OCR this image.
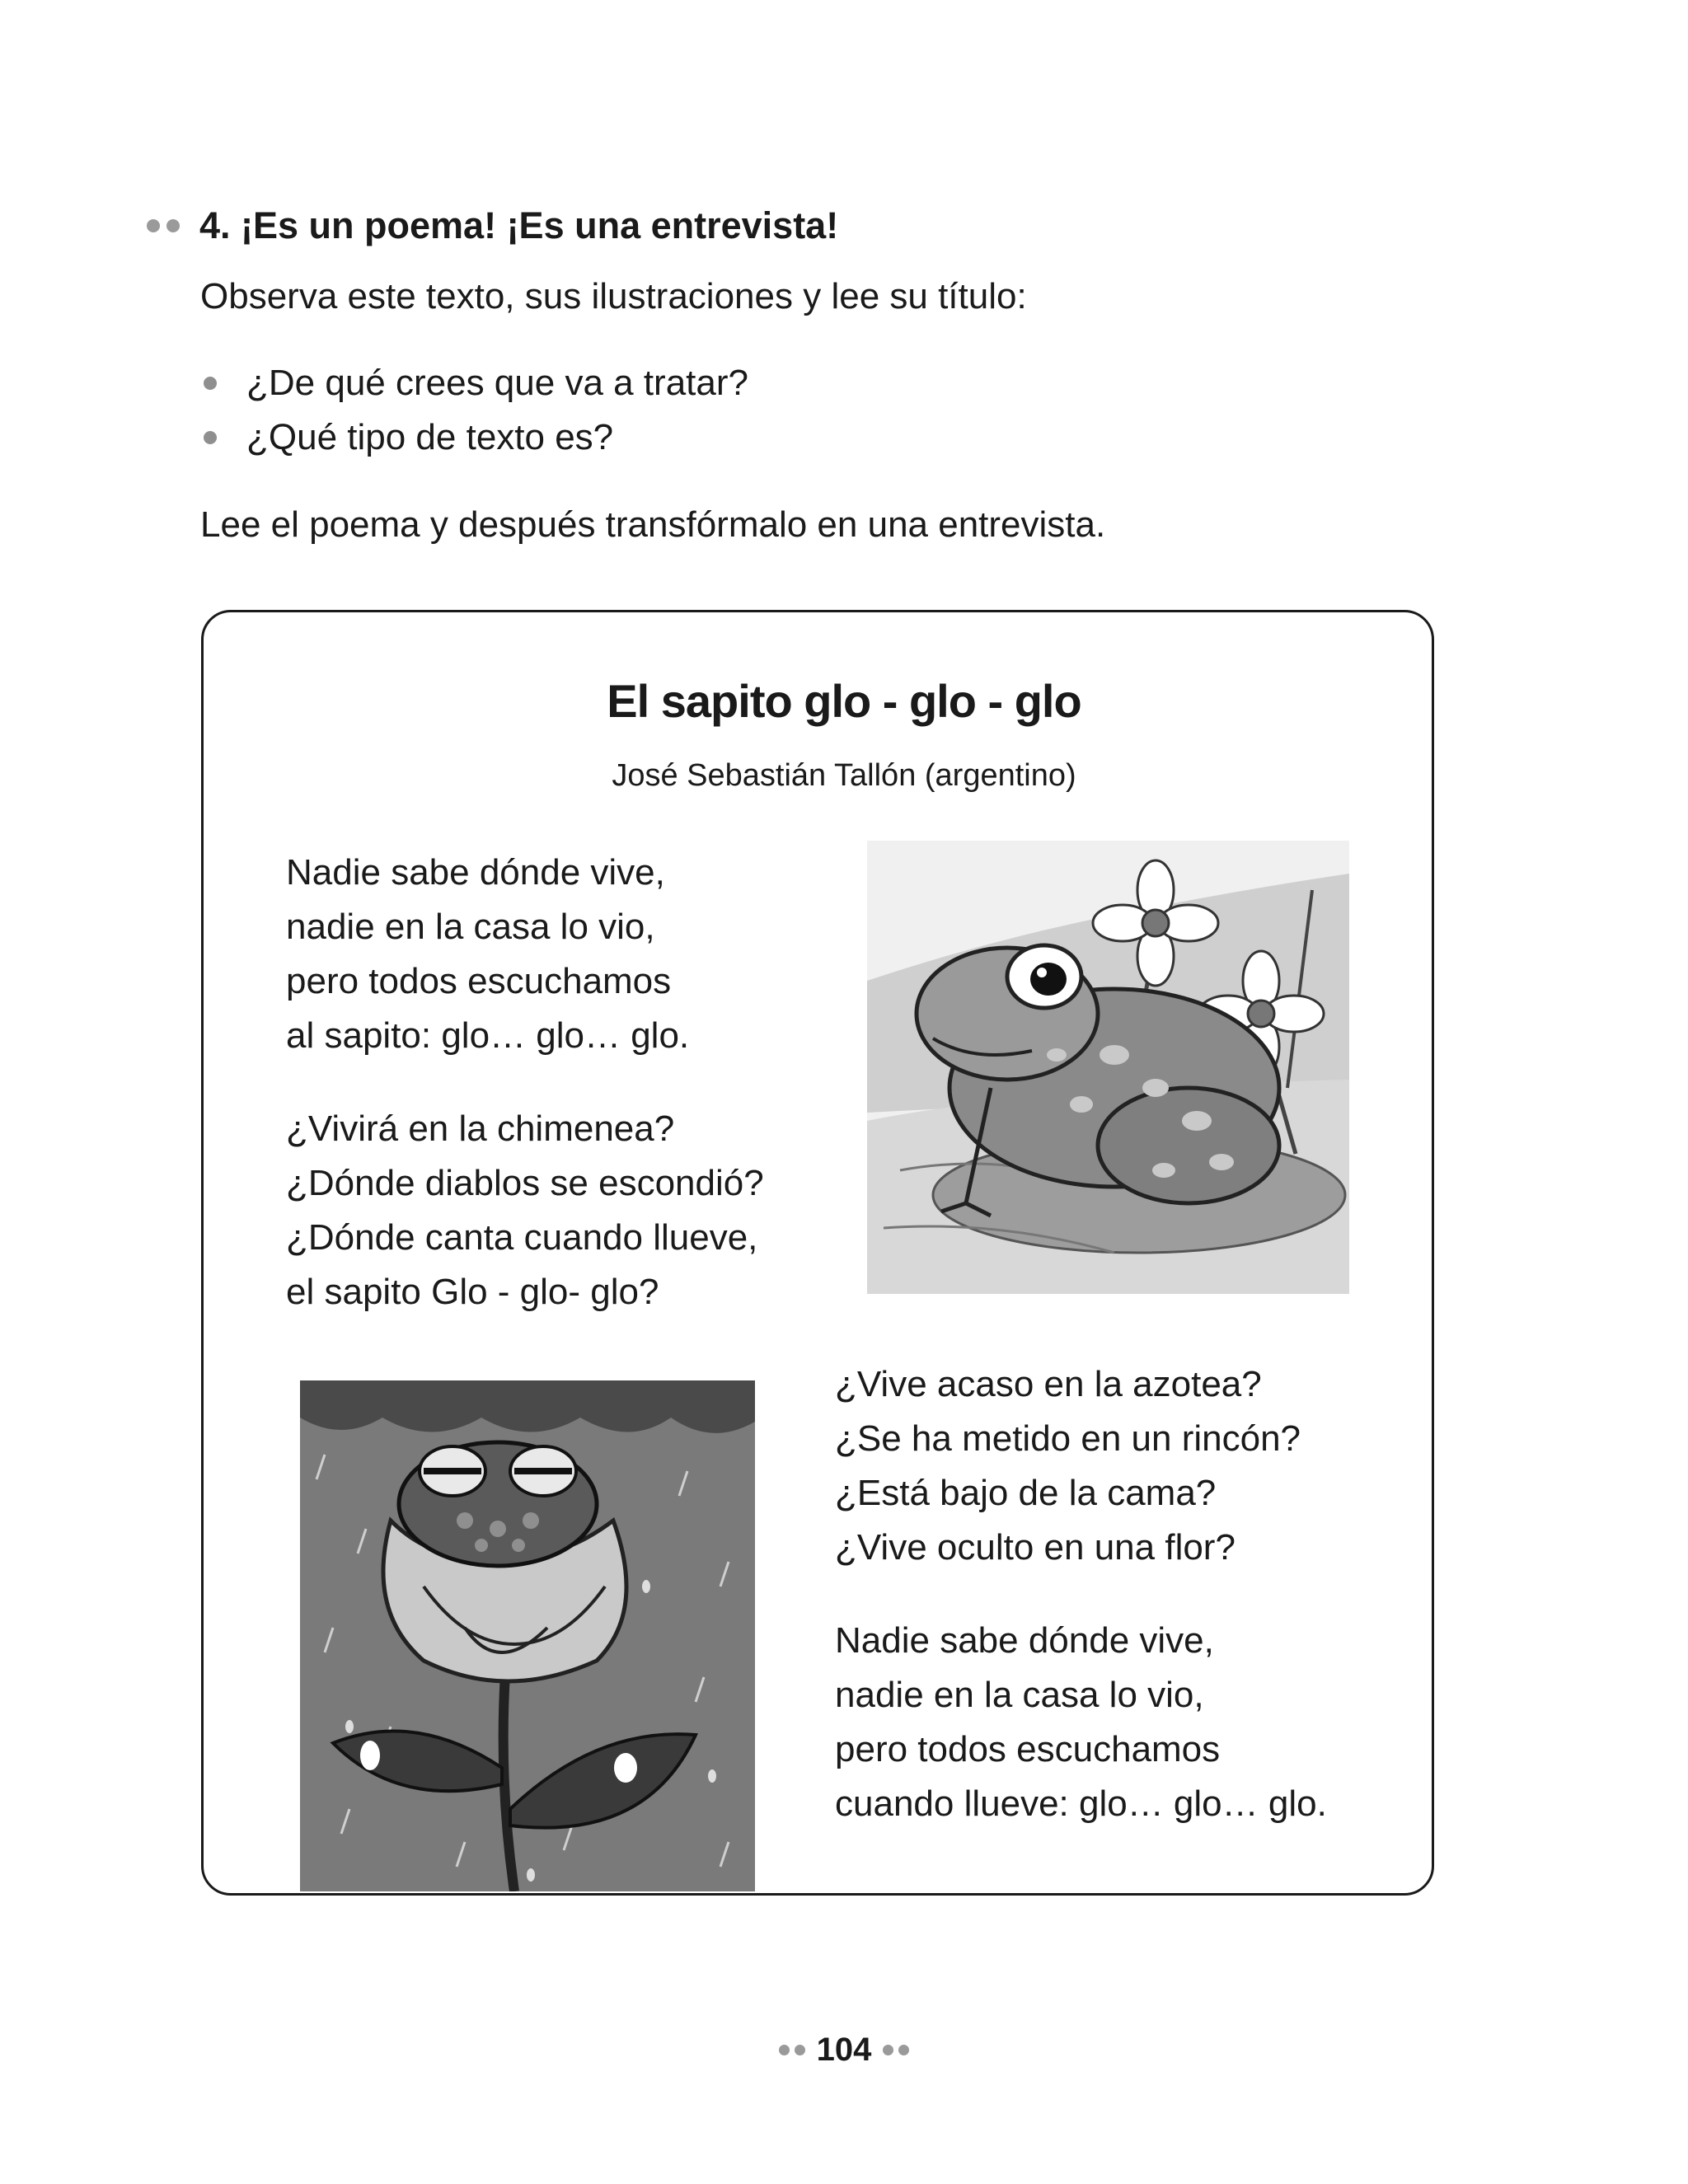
4. ¡Es un poema! ¡Es una entrevista!
Observa este texto, sus ilustraciones y lee su título:
¿De qué crees que va a tratar?
¿Qué tipo de texto es?
Lee el poema y después transfórmalo en una entrevista.
El sapito glo - glo - glo
José Sebastián Tallón (argentino)
Nadie sabe dónde vive,
nadie en la casa lo vio,
pero todos escuchamos
al sapito: glo… glo… glo.
¿Vivirá en la chimenea?
¿Dónde diablos se escondió?
¿Dónde canta cuando llueve,
el sapito Glo - glo- glo?
¿Vive acaso en la azotea?
¿Se ha metido en un rincón?
¿Está bajo de la cama?
¿Vive oculto en una flor?
Nadie sabe dónde vive,
nadie en la casa lo vio,
pero todos escuchamos
cuando llueve: glo… glo… glo.
104
